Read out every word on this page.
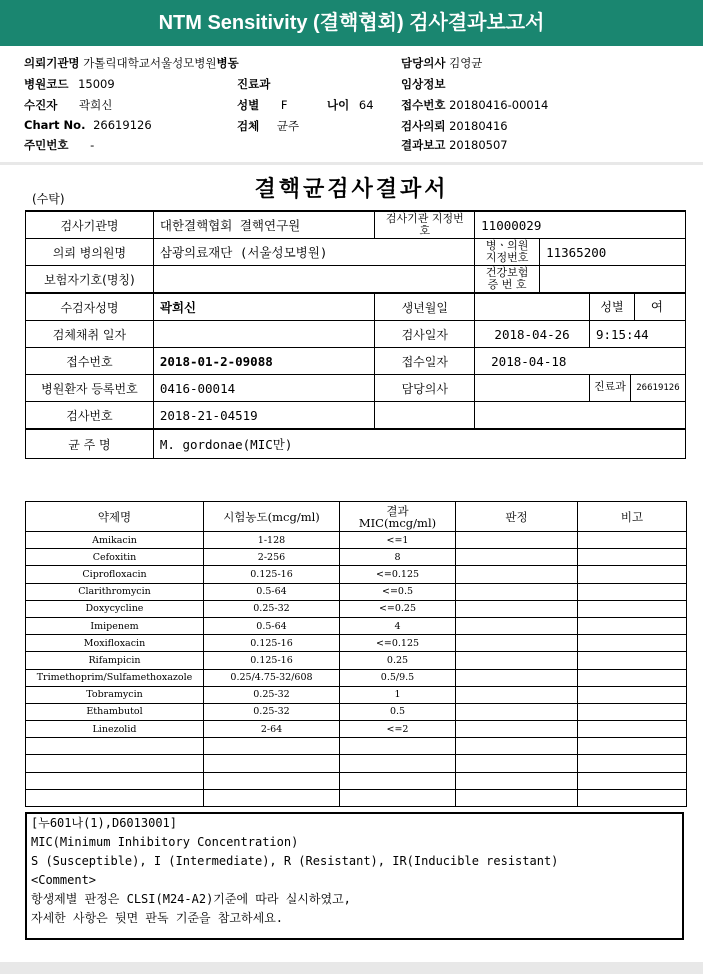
NTM Sensitivity (결핵협회) 검사결과보고서
의뢰기관명 가톨릭대학교서울성모병원병동	담당의사 김영균
병원코드 15009	진료과	임상정보
수진자 곽희신	성별 F	나이 64 접수번호 20180416-00014
Chart No. 26619126	검체 균주	검사의뢰 20180416
주민번호 -	결과보고 20180507
(수탁)	결핵균검사결과서
검사기관명	대한결핵협회 결핵연구원	검사기관 지정번호	11000029		
의뢰 병의원명	삼광의료재단 (서울성모병원)		병ㆍ의원 지정번호	11365200	
보험자기호(명칭)			건강보험 증 번 호		
수검자성명	곽희신	생년월일			성별 여
검체채취 일자		검사일자	2018-04-26		9:15:44
접수번호	2018-01-2-09088	접수일자	2018-04-18		
병원환자 등록번호	0416-00014	담당의사			진료과 26619126
검사번호	2018-21-04519				
균 주 명	M. gordonae(MIC만)				
약제명	시험농도(mcg/ml)	결과 MIC(mcg/ml)	판정	비고
Amikacin	1-128	<=1		
Cefoxitin	2-256	8		
Ciprofloxacin	0.125-16	<=0.125		
Clarithromycin	0.5-64	<=0.5		
Doxycycline	0.25-32	<=0.25		
Imipenem	0.5-64	4		
Moxifloxacin	0.125-16	<=0.125		
Rifampicin	0.125-16	0.25		
Trimethoprim/Sulfamethoxazole	0.25/4.75-32/608	0.5/9.5		
Tobramycin	0.25-32	1		
Ethambutol	0.25-32	0.5		
Linezolid	2-64	<=2		

[누601나(1),D6013001]
MIC(Minimum Inhibitory Concentration)
S (Susceptible), I (Intermediate), R (Resistant), IR(Inducible resistant)
<Comment>
항생제별 판정은 CLSI(M24-A2)기준에 따라 실시하였고,
자세한 사항은 뒷면 판독 기준을 참고하세요.
